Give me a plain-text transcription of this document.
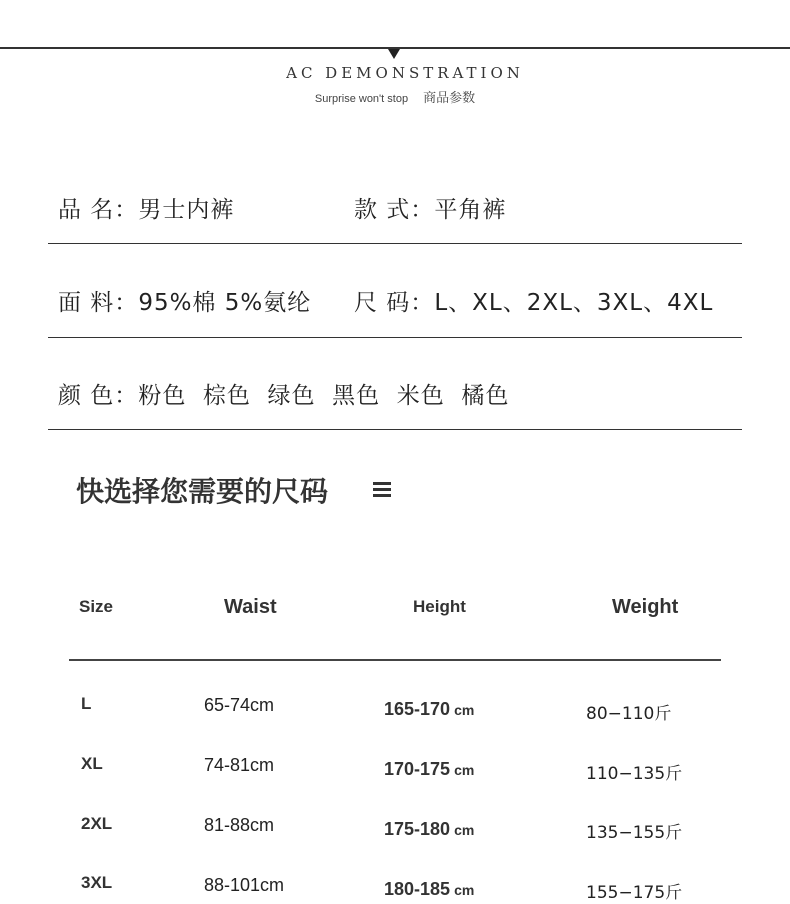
AC DEMONSTRATION
Surprise won't stop 商品参数
品 名：男士内裤	款 式：平角裤
面 料：95%棉 5%氨纶 尺 码：L、XL、2XL、3XL、4XL
颜 色：粉色  棕色  绿色  黑色  米色  橘色
快选择您需要的尺码
Size	Waist	Height	Weight
L	65-74cm	165-170 cm	80−110斤
XL	74-81cm	170-175 cm	110−135斤
2XL	81-88cm	175-180 cm	135−155斤
3XL	88-101cm	180-185 cm	155−175斤
